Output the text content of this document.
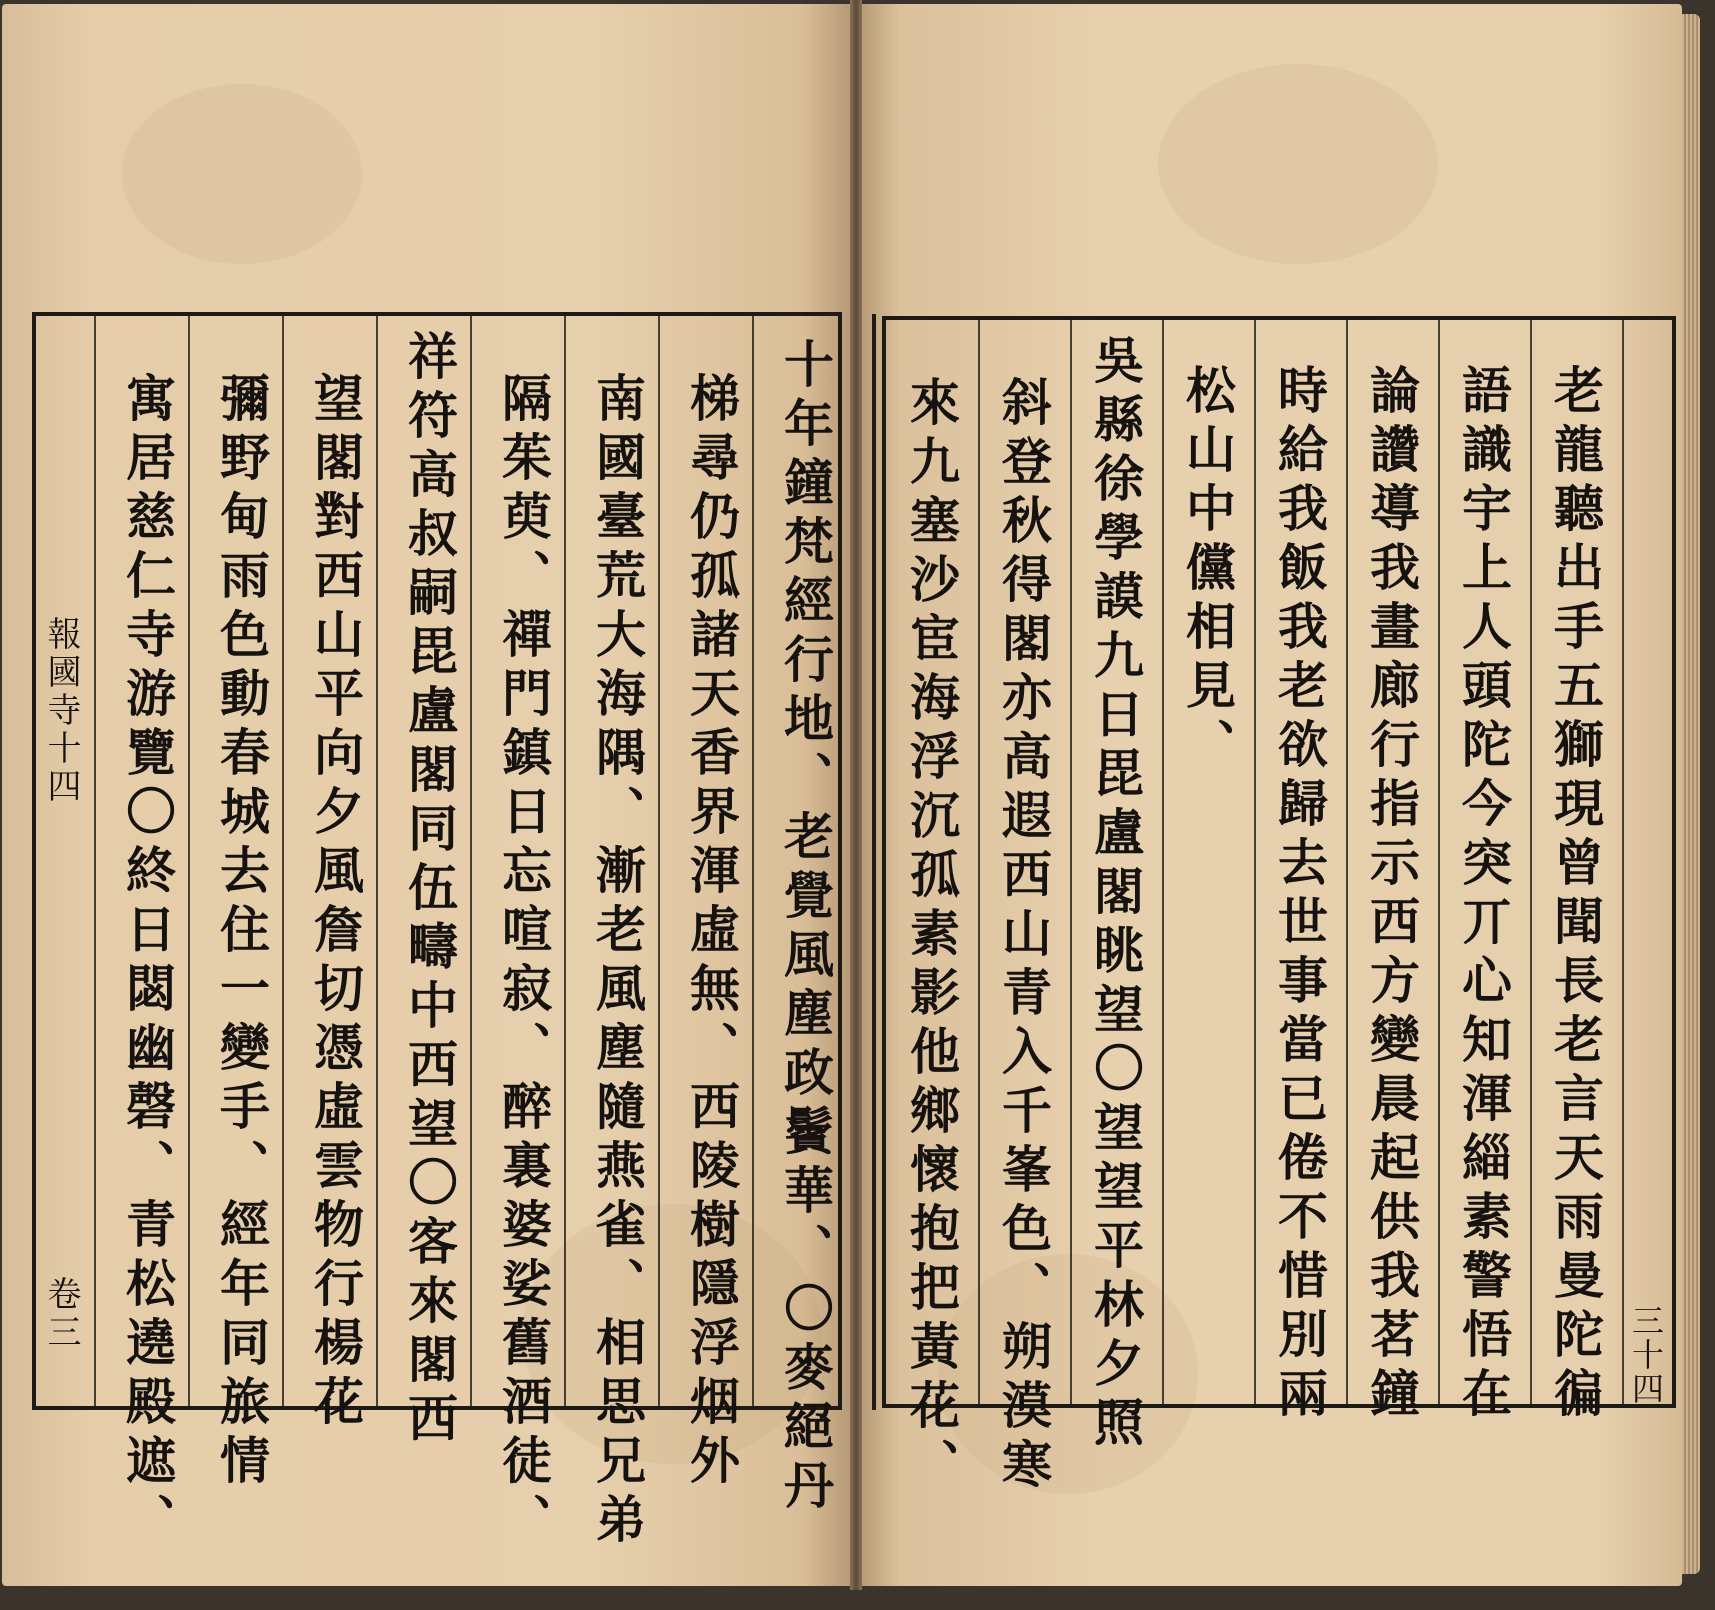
報國寺十四
卷三	十年鐘梵經行地、老覺風塵政鬢華、〇麥絕丹
梯尋仍孤諸天香界渾虛無、西陵樹隱浮烟外
南國臺荒大海隅、漸老風塵隨燕雀、相思兄弟
隔茱萸、禪門鎮日忘喧寂、醉裏婆娑舊酒徒、
祥符高叔嗣毘盧閣同伍疇中西望〇客來閣西
望閣對西山平向夕風詹切憑虛雲物行楊花
彌野甸雨色動春城去住一變手、經年同旅情
寓居慈仁寺游覽〇終日閟幽磬、青松遶殿遮、	三十四
老龍聽出手五獅現曾聞長老言天雨曼陀徧
語識宇上人頭陀今突丌心知渾緇素警悟在
論讚導我畫廊行指示西方變晨起供我茗鐘
時給我飯我老欲歸去世事當已倦不惜別兩
松山中儻相見、
吳縣徐學謨九日毘盧閣眺望〇望望平林夕照
斜登秋得閣亦高遐西山青入千峯色、朔漠寒
來九塞沙宦海浮沉孤素影他鄉懷抱把黃花、
